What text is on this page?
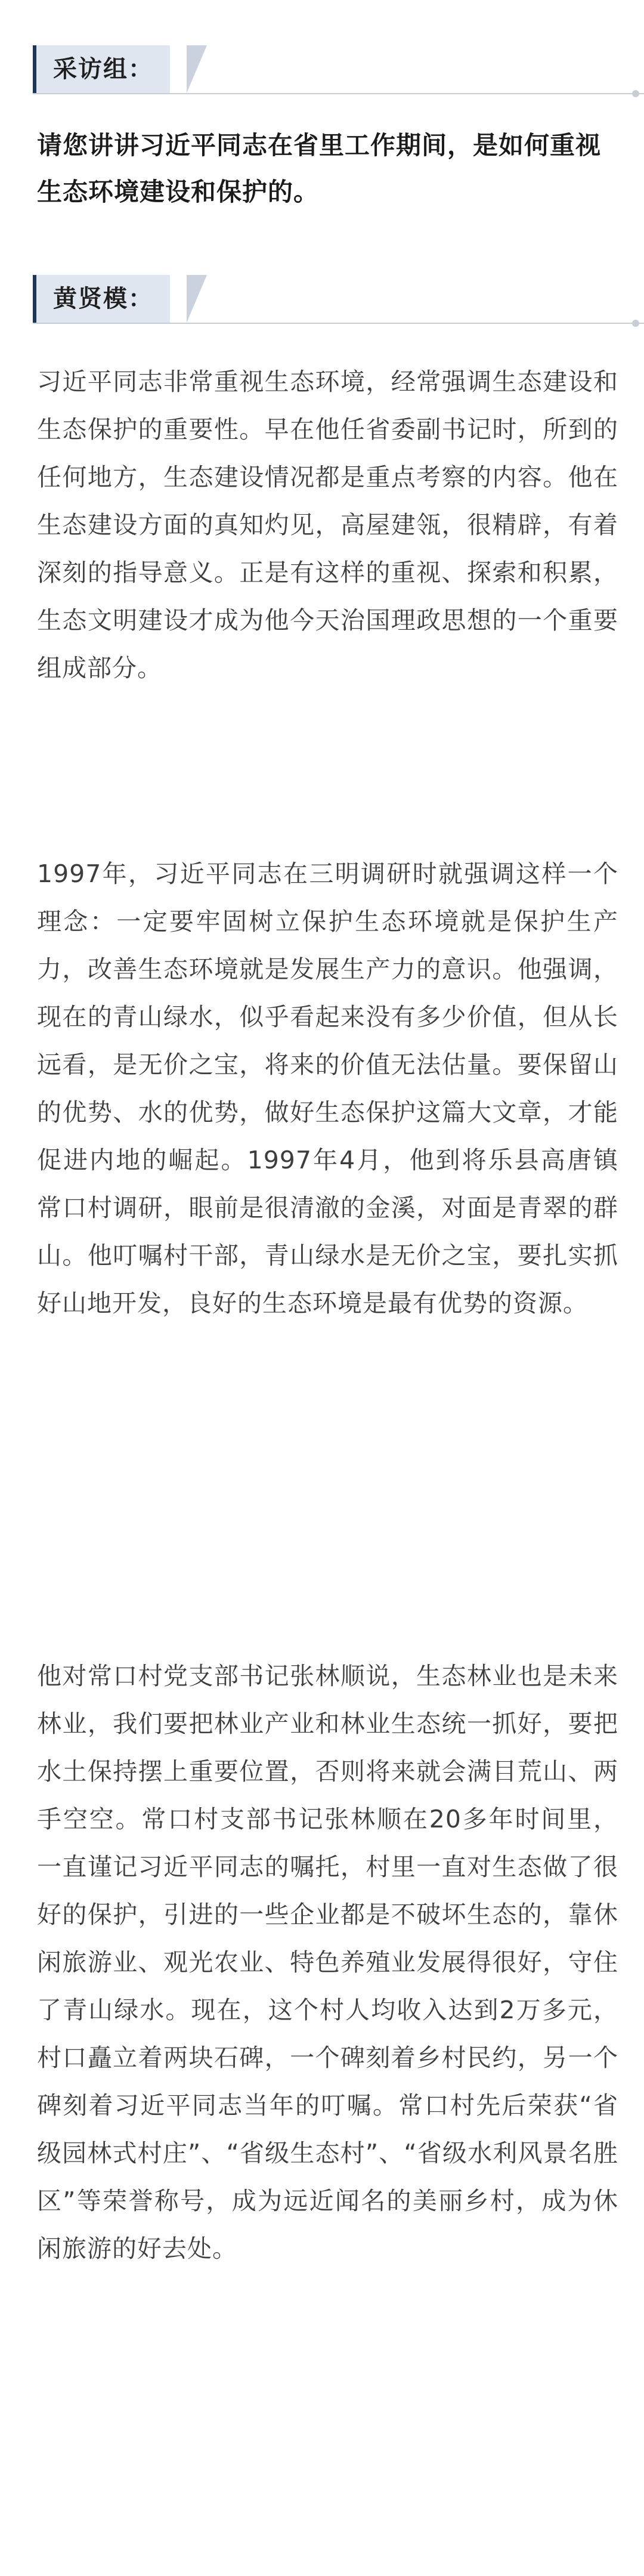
采访组：

请您讲讲习近平同志在省里工作期间，是如何重视生态环境建设和保护的。

黄贤模：

习近平同志非常重视生态环境，经常强调生态建设和生态保护的重要性。早在他任省委副书记时，所到的任何地方，生态建设情况都是重点考察的内容。他在生态建设方面的真知灼见，高屋建瓴，很精辟，有着深刻的指导意义。正是有这样的重视、探索和积累，生态文明建设才成为他今天治国理政思想的一个重要组成部分。

1997年，习近平同志在三明调研时就强调这样一个理念：一定要牢固树立保护生态环境就是保护生产力，改善生态环境就是发展生产力的意识。他强调，现在的青山绿水，似乎看起来没有多少价值，但从长远看，是无价之宝，将来的价值无法估量。要保留山的优势、水的优势，做好生态保护这篇大文章，才能促进内地的崛起。1997年4月，他到将乐县高唐镇常口村调研，眼前是很清澈的金溪，对面是青翠的群山。他叮嘱村干部，青山绿水是无价之宝，要扎实抓好山地开发，良好的生态环境是最有优势的资源。

他对常口村党支部书记张林顺说，生态林业也是未来林业，我们要把林业产业和林业生态统一抓好，要把水土保持摆上重要位置，否则将来就会满目荒山、两手空空。常口村支部书记张林顺在20多年时间里，一直谨记习近平同志的嘱托，村里一直对生态做了很好的保护，引进的一些企业都是不破坏生态的，靠休闲旅游业、观光农业、特色养殖业发展得很好，守住了青山绿水。现在，这个村人均收入达到2万多元，村口矗立着两块石碑，一个碑刻着乡村民约，另一个碑刻着习近平同志当年的叮嘱。常口村先后荣获“省级园林式村庄”、“省级生态村”、“省级水利风景名胜区”等荣誉称号，成为远近闻名的美丽乡村，成为休闲旅游的好去处。
